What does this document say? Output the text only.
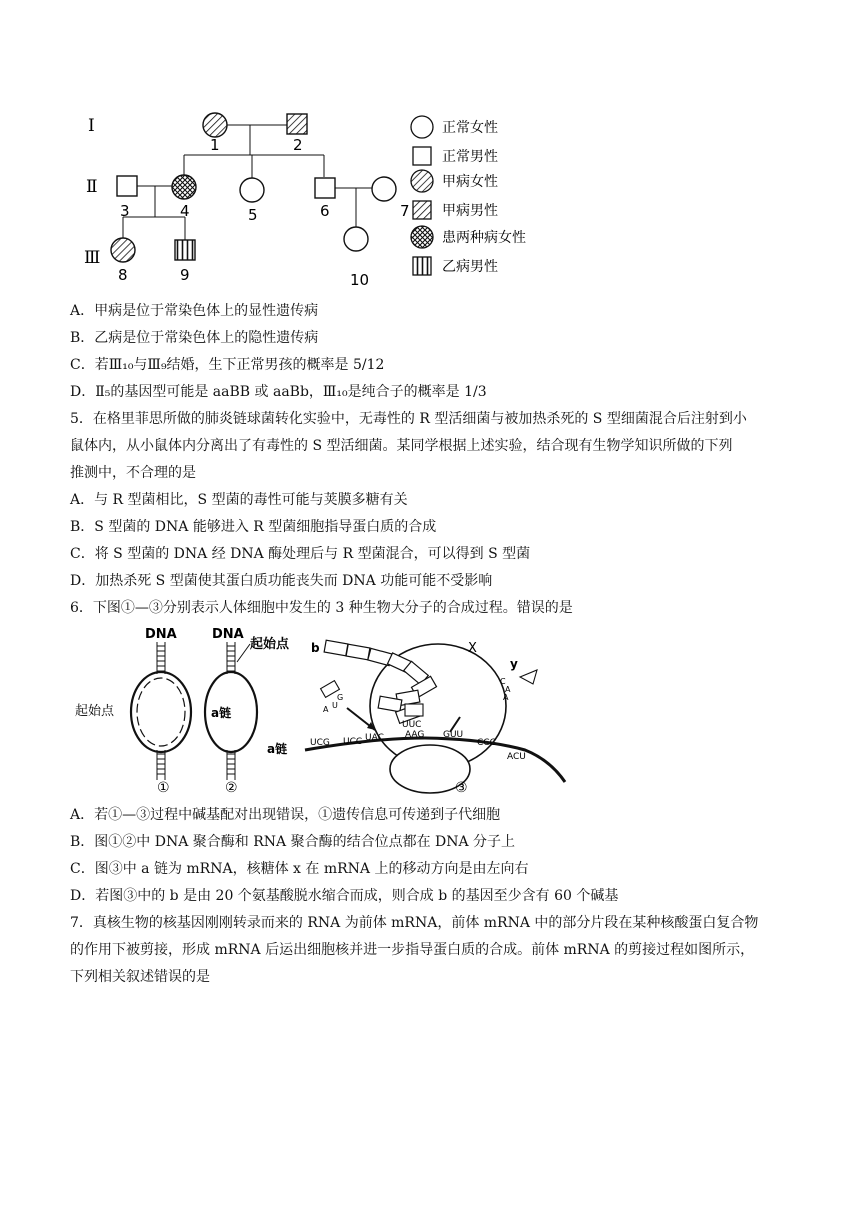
Ⅰ
Ⅱ
Ⅲ
1	2
3	4	5	6	7
8	9	10
正常女性
正常男性
甲病女性
甲病男性
患两种病女性
乙病男性
A．甲病是位于常染色体上的显性遗传病
B．乙病是位于常染色体上的隐性遗传病
C．若Ⅲ₁₀与Ⅲ₉结婚，生下正常男孩的概率是 5/12
D．Ⅱ₅的基因型可能是 aaBB 或 aaBb，Ⅲ₁₀是纯合子的概率是 1/3
5．在格里菲思所做的肺炎链球菌转化实验中，无毒性的 R 型活细菌与被加热杀死的 S 型细菌混合后注射到小
鼠体内，从小鼠体内分离出了有毒性的 S 型活细菌。某同学根据上述实验，结合现有生物学知识所做的下列
推测中，不合理的是
A．与 R 型菌相比，S 型菌的毒性可能与荚膜多糖有关
B．S 型菌的 DNA 能够进入 R 型菌细胞指导蛋白质的合成
C．将 S 型菌的 DNA 经 DNA 酶处理后与 R 型菌混合，可以得到 S 型菌
D．加热杀死 S 型菌使其蛋白质功能丧失而 DNA 功能可能不受影响
6．下图①—③分别表示人体细胞中发生的 3 种生物大分子的合成过程。错误的是
DNA
起始点
①
DNA
起始点
a链
②
a链	UCG UCC UAC AAG GUU
CCC
ACU
b	X
UUC
G
A U
y
C
A
A
③
A．若①—③过程中碱基配对出现错误，①遗传信息可传递到子代细胞
B．图①②中 DNA 聚合酶和 RNA 聚合酶的结合位点都在 DNA 分子上
C．图③中 a 链为 mRNA，核糖体 x 在 mRNA 上的移动方向是由左向右
D．若图③中的 b 是由 20 个氨基酸脱水缩合而成，则合成 b 的基因至少含有 60 个碱基
7．真核生物的核基因刚刚转录而来的 RNA 为前体 mRNA，前体 mRNA 中的部分片段在某种核酸蛋白复合物
的作用下被剪接，形成 mRNA 后运出细胞核并进一步指导蛋白质的合成。前体 mRNA 的剪接过程如图所示，
下列相关叙述错误的是
